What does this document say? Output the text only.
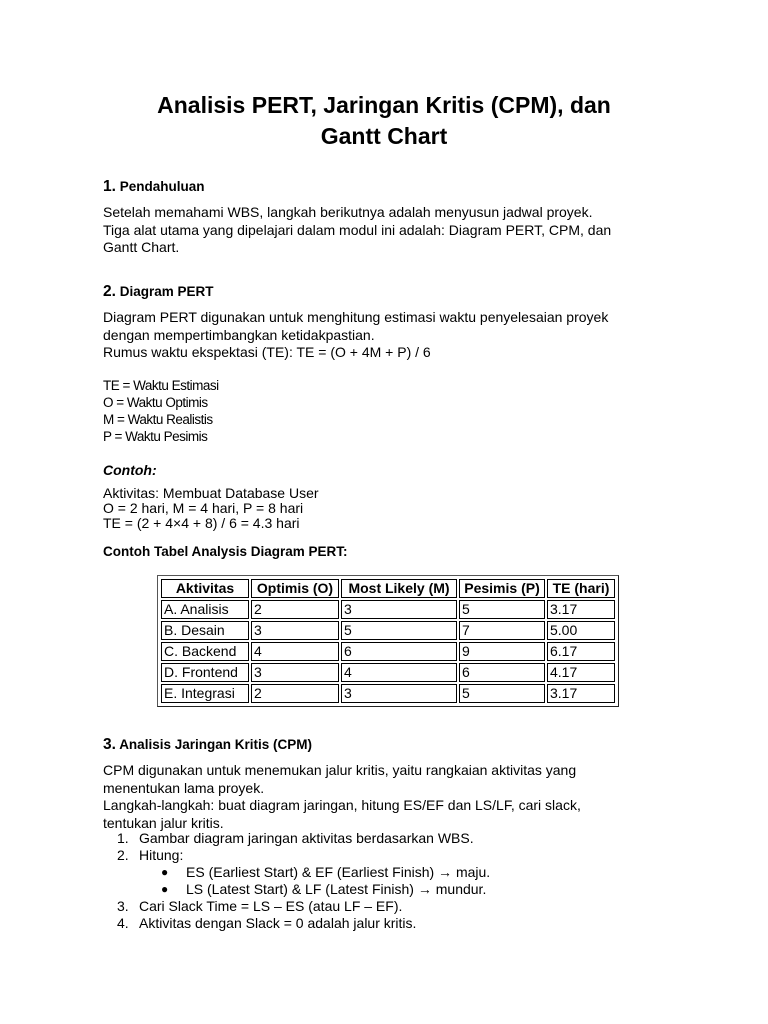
Analisis PERT, Jaringan Kritis (CPM), dan
Gantt Chart
1. Pendahuluan
Setelah memahami WBS, langkah berikutnya adalah menyusun jadwal proyek.
Tiga alat utama yang dipelajari dalam modul ini adalah: Diagram PERT, CPM, dan
Gantt Chart.
2. Diagram PERT
Diagram PERT digunakan untuk menghitung estimasi waktu penyelesaian proyek
dengan mempertimbangkan ketidakpastian.
Rumus waktu ekspektasi (TE): TE = (O + 4M + P) / 6
TE = Waktu Estimasi
O = Waktu Optimis
M = Waktu Realistis
P = Waktu Pesimis
Contoh:
Aktivitas: Membuat Database User
O = 2 hari, M = 4 hari, P = 8 hari
TE = (2 + 4×4 + 8) / 6 = 4.3 hari
Contoh Tabel Analysis Diagram PERT:
Aktivitas	Optimis (O)	Most Likely (M)	Pesimis (P)	TE (hari)
A. Analisis	2	3	5	3.17
B. Desain	3	5	7	5.00
C. Backend	4	6	9	6.17
D. Frontend	3	4	6	4.17
E. Integrasi	2	3	5	3.17
3. Analisis Jaringan Kritis (CPM)
CPM digunakan untuk menemukan jalur kritis, yaitu rangkaian aktivitas yang
menentukan lama proyek.
Langkah-langkah: buat diagram jaringan, hitung ES/EF dan LS/LF, cari slack,
tentukan jalur kritis.
1. Gambar diagram jaringan aktivitas berdasarkan WBS.
2. Hitung:
● ES (Earliest Start) & EF (Earliest Finish) → maju.
● LS (Latest Start) & LF (Latest Finish) → mundur.
3. Cari Slack Time = LS – ES (atau LF – EF).
4. Aktivitas dengan Slack = 0 adalah jalur kritis.
